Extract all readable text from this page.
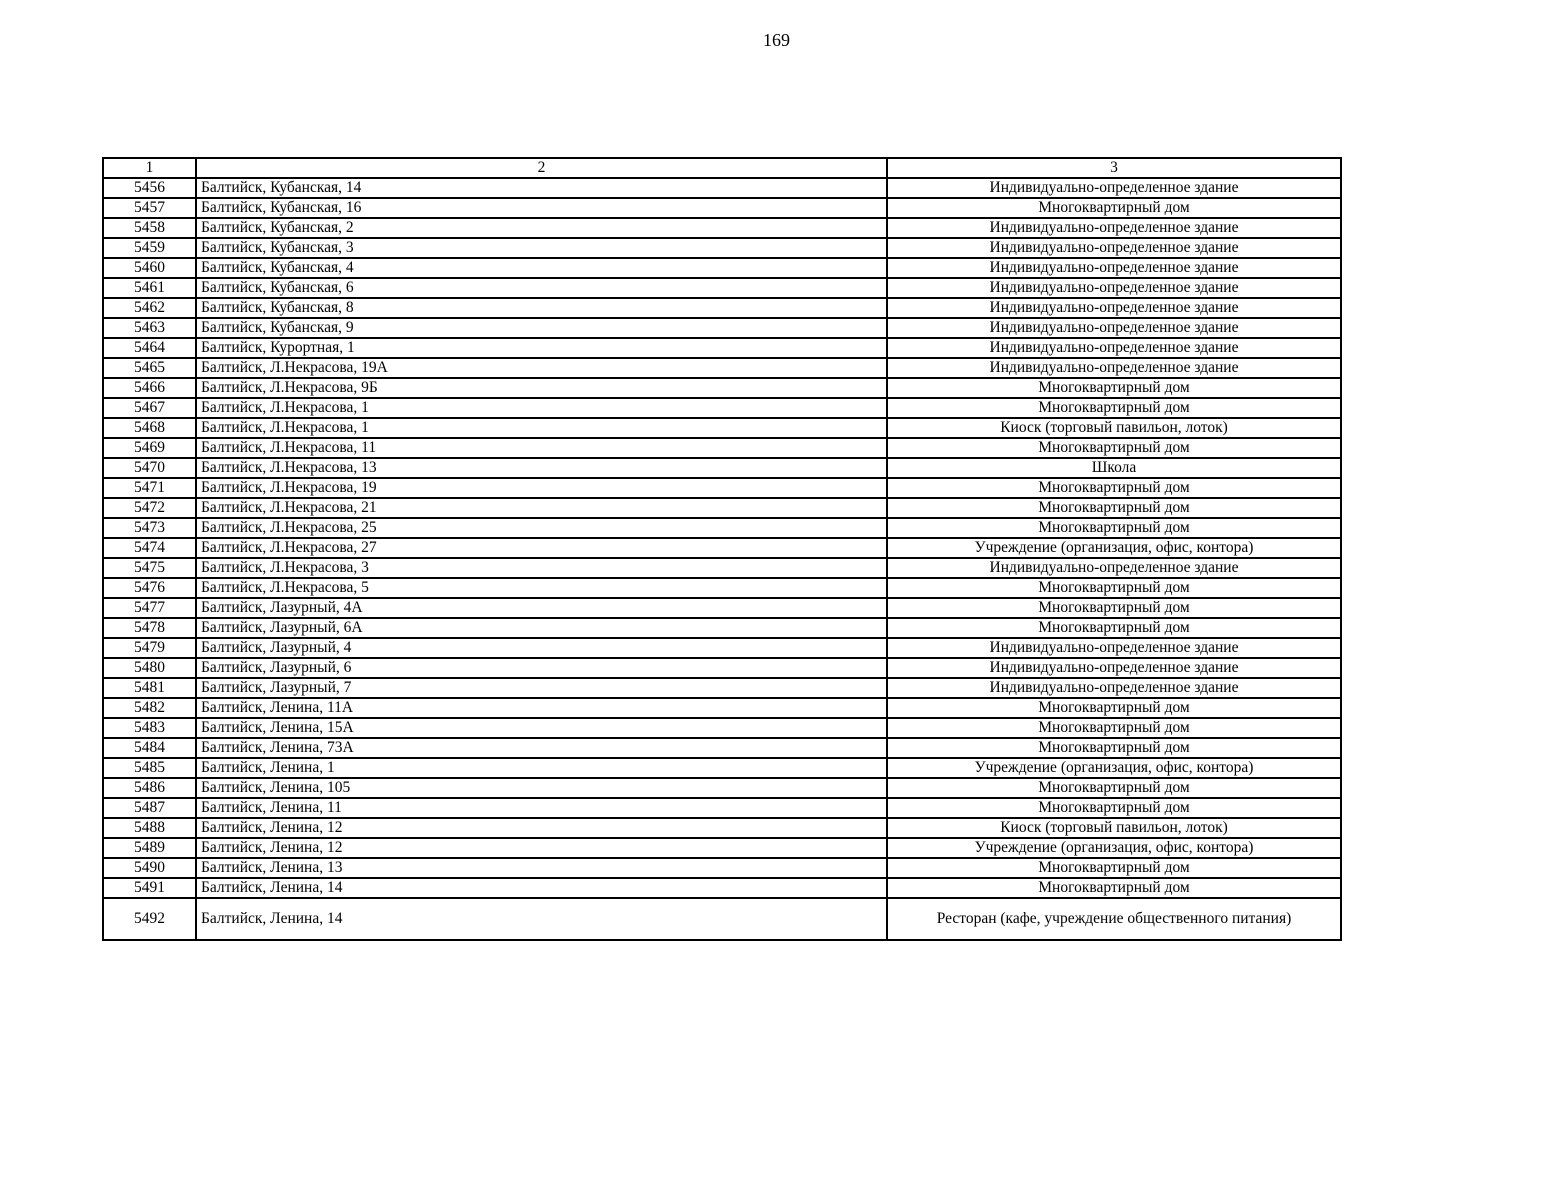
169
1	2	3
5456	Балтийск, Кубанская, 14	Индивидуально-определенное здание
5457	Балтийск, Кубанская, 16	Многоквартирный дом
5458	Балтийск, Кубанская, 2	Индивидуально-определенное здание
5459	Балтийск, Кубанская, 3	Индивидуально-определенное здание
5460	Балтийск, Кубанская, 4	Индивидуально-определенное здание
5461	Балтийск, Кубанская, 6	Индивидуально-определенное здание
5462	Балтийск, Кубанская, 8	Индивидуально-определенное здание
5463	Балтийск, Кубанская, 9	Индивидуально-определенное здание
5464	Балтийск, Курортная, 1	Индивидуально-определенное здание
5465	Балтийск, Л.Некрасова, 19А	Индивидуально-определенное здание
5466	Балтийск, Л.Некрасова, 9Б	Многоквартирный дом
5467	Балтийск, Л.Некрасова, 1	Многоквартирный дом
5468	Балтийск, Л.Некрасова, 1	Киоск (торговый павильон, лоток)
5469	Балтийск, Л.Некрасова, 11	Многоквартирный дом
5470	Балтийск, Л.Некрасова, 13	Школа
5471	Балтийск, Л.Некрасова, 19	Многоквартирный дом
5472	Балтийск, Л.Некрасова, 21	Многоквартирный дом
5473	Балтийск, Л.Некрасова, 25	Многоквартирный дом
5474	Балтийск, Л.Некрасова, 27	Учреждение (организация, офис, контора)
5475	Балтийск, Л.Некрасова, 3	Индивидуально-определенное здание
5476	Балтийск, Л.Некрасова, 5	Многоквартирный дом
5477	Балтийск, Лазурный, 4А	Многоквартирный дом
5478	Балтийск, Лазурный, 6А	Многоквартирный дом
5479	Балтийск, Лазурный, 4	Индивидуально-определенное здание
5480	Балтийск, Лазурный, 6	Индивидуально-определенное здание
5481	Балтийск, Лазурный, 7	Индивидуально-определенное здание
5482	Балтийск, Ленина, 11А	Многоквартирный дом
5483	Балтийск, Ленина, 15А	Многоквартирный дом
5484	Балтийск, Ленина, 73А	Многоквартирный дом
5485	Балтийск, Ленина, 1	Учреждение (организация, офис, контора)
5486	Балтийск, Ленина, 105	Многоквартирный дом
5487	Балтийск, Ленина, 11	Многоквартирный дом
5488	Балтийск, Ленина, 12	Киоск (торговый павильон, лоток)
5489	Балтийск, Ленина, 12	Учреждение (организация, офис, контора)
5490	Балтийск, Ленина, 13	Многоквартирный дом
5491	Балтийск, Ленина, 14	Многоквартирный дом
5492	Балтийск, Ленина, 14	Ресторан (кафе, учреждение общественного питания)
